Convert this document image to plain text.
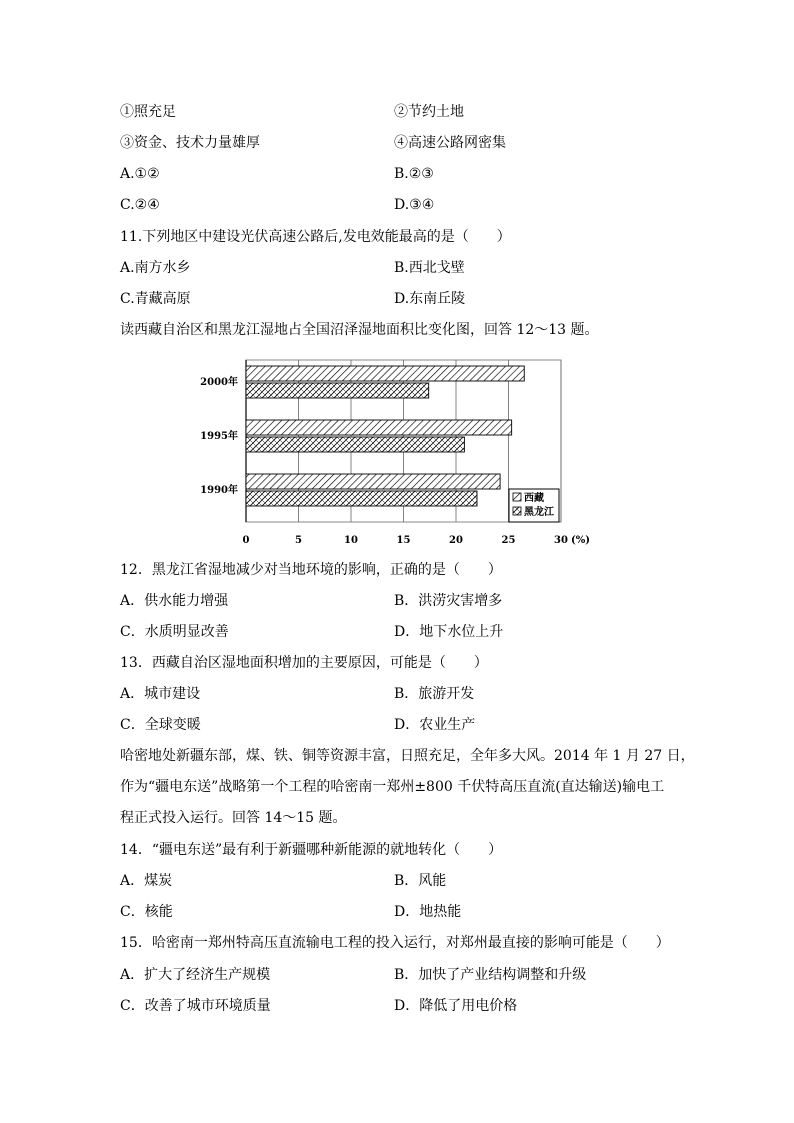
①照充足	②节约土地
③资金、技术力量雄厚	④高速公路网密集
A.①②	B.②③
C.②④	D.③④
11.下列地区中建设光伏高速公路后,发电效能最高的是（　　）
A.南方水乡	B.西北戈壁
C.青藏高原	D.东南丘陵
读西藏自治区和黑龙江湿地占全国沼泽湿地面积比变化图，回答 12～13 题。
2000年
1995年
1990年
0	5	10	15	20	25	30
西藏
黑龙江
(%)
12．黑龙江省湿地减少对当地环境的影响，正确的是（　　）
A．供水能力增强	B．洪涝灾害增多
C．水质明显改善	D．地下水位上升
13．西藏自治区湿地面积增加的主要原因，可能是（　　）
A．城市建设	B．旅游开发
C．全球变暖	D．农业生产
哈密地处新疆东部，煤、铁、铜等资源丰富，日照充足，全年多大风。2014 年 1 月 27 日，
作为“疆电东送”战略第一个工程的哈密南一郑州±800 千伏特高压直流(直达输送)输电工
程正式投入运行。回答 14～15 题。
14．“疆电东送”最有利于新疆哪种新能源的就地转化（　　）
A．煤炭	B．风能
C．核能	D．地热能
15．哈密南一郑州特高压直流输电工程的投入运行，对郑州最直接的影响可能是（　　）
A．扩大了经济生产规模	B．加快了产业结构调整和升级
C．改善了城市环境质量	D．降低了用电价格
